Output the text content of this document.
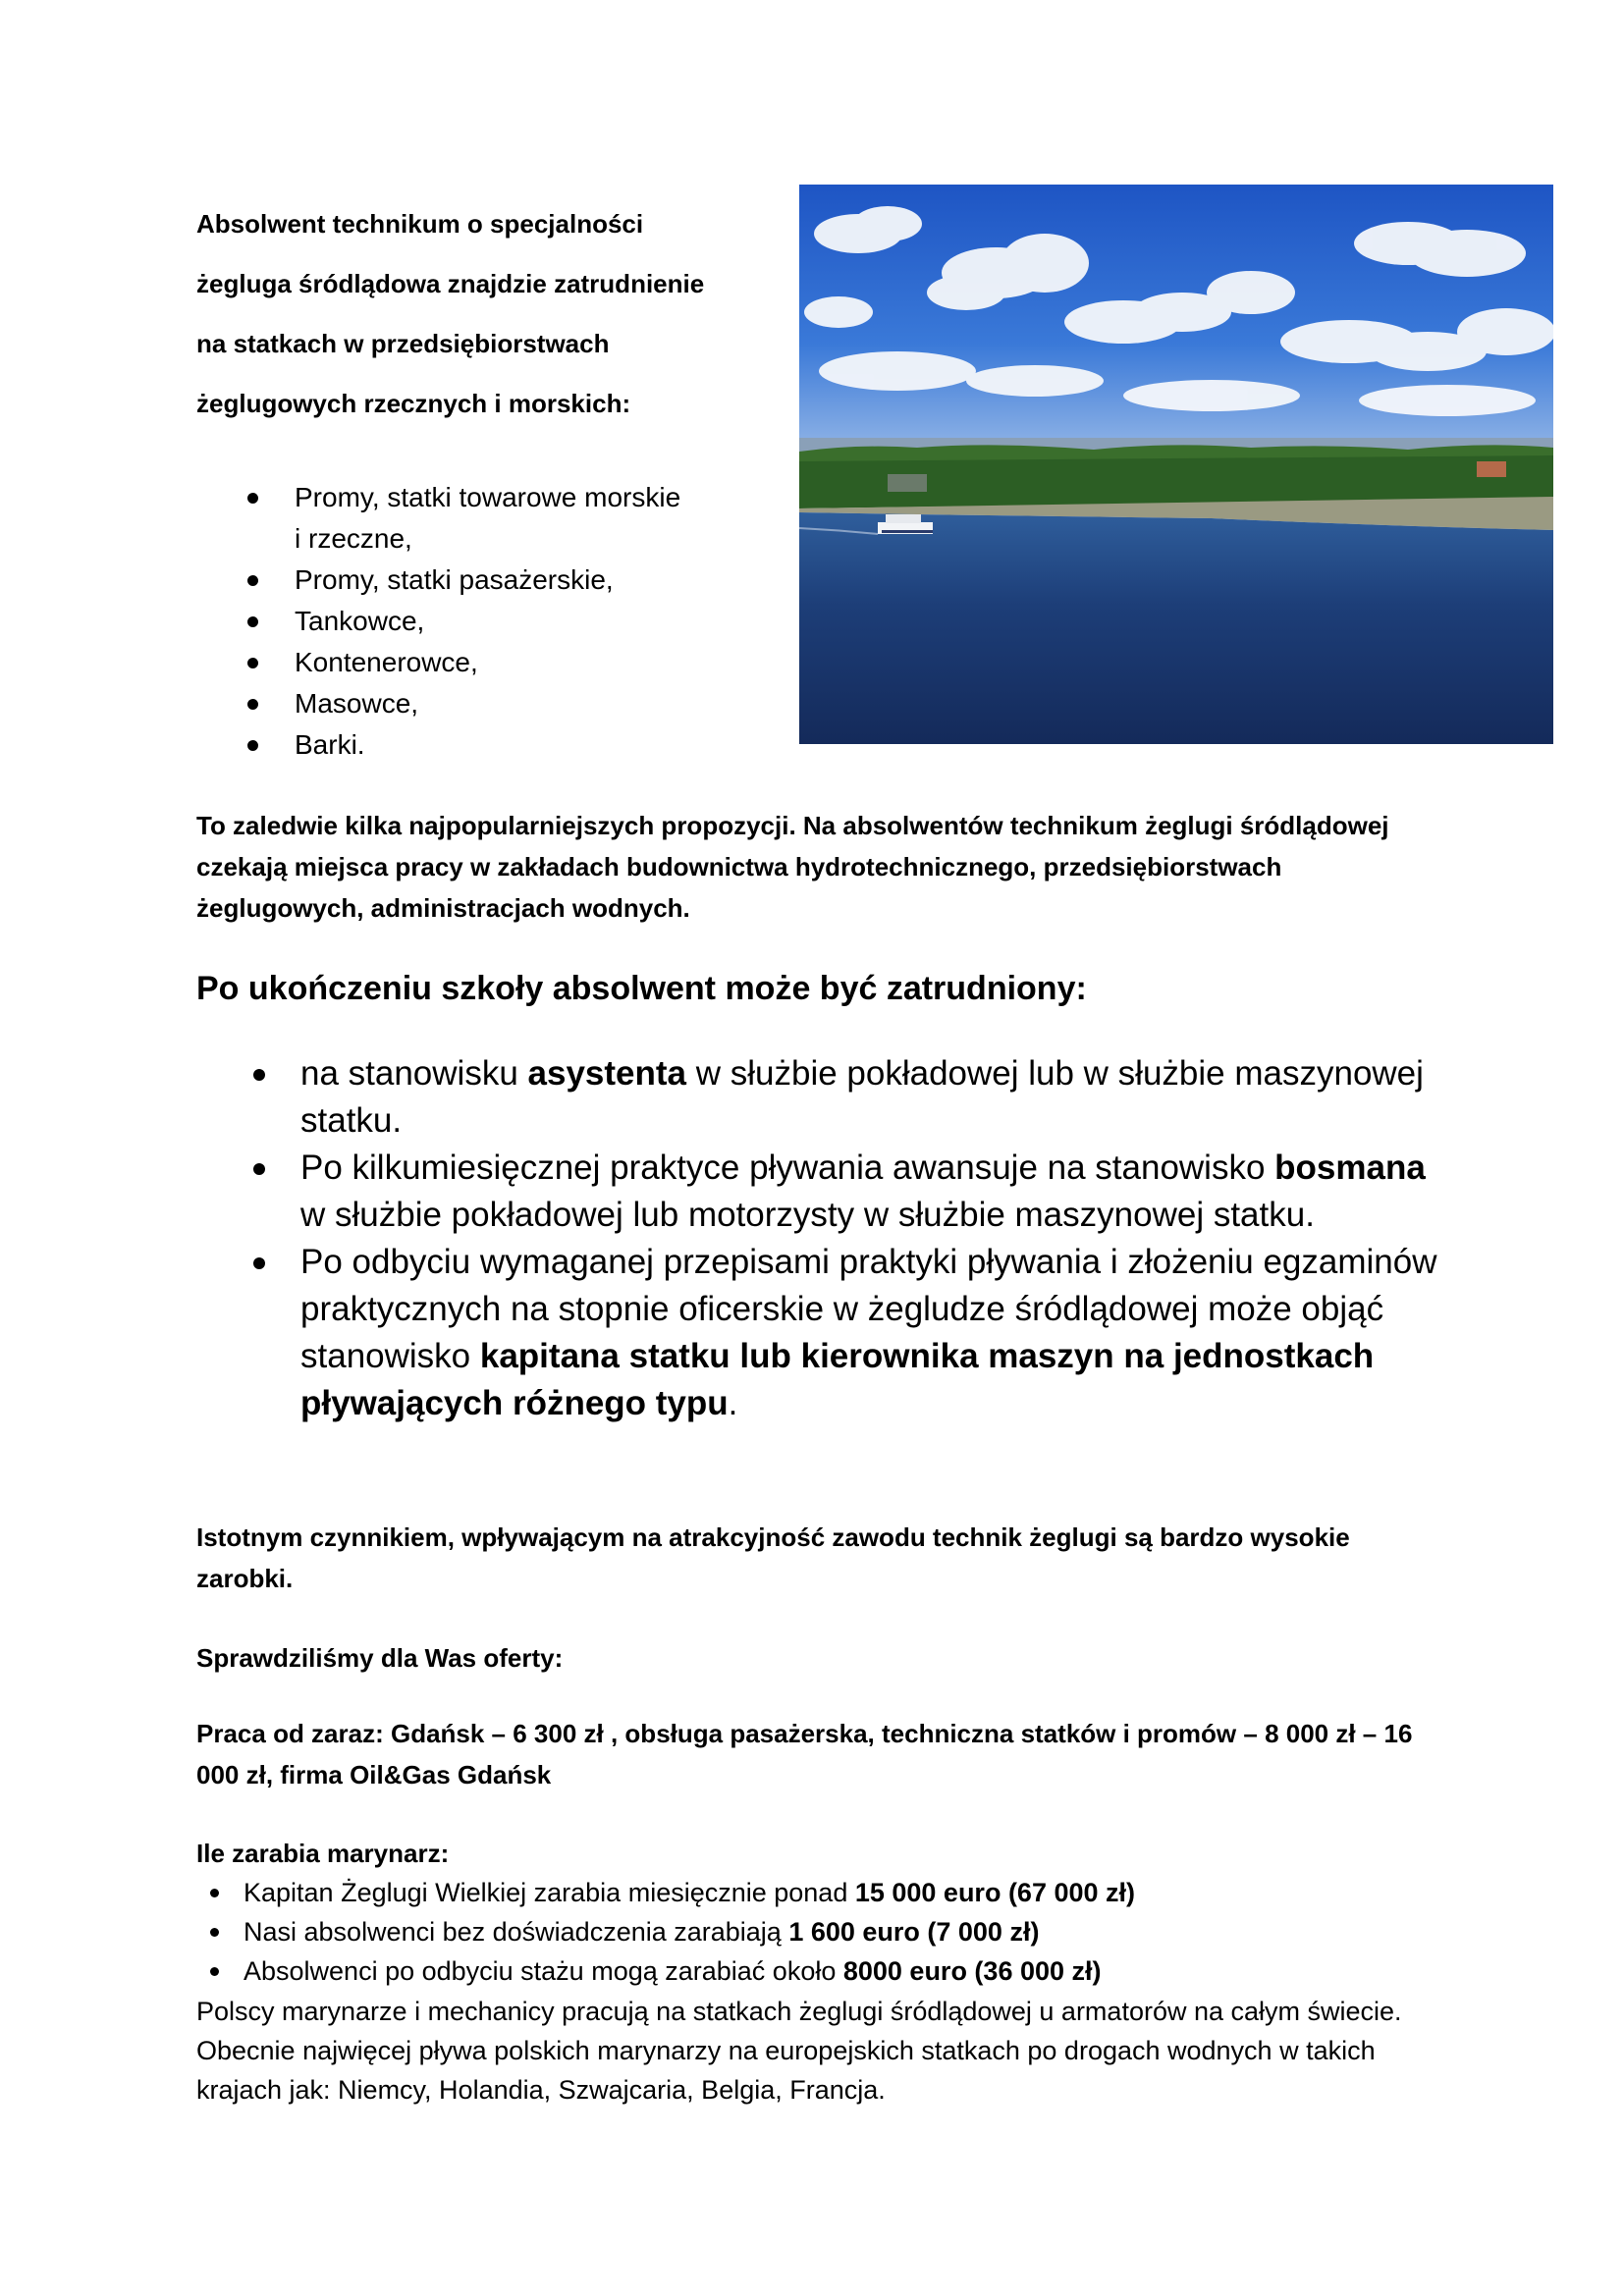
Absolwent technikum o specjalności
żegluga śródlądowa znajdzie zatrudnienie
na statkach w przedsiębiorstwach
żeglugowych rzecznych i morskich:
Promy, statki towarowe morskie
i rzeczne,
Promy, statki pasażerskie,
Tankowce,
Kontenerowce,
Masowce,
Barki.
To zaledwie kilka najpopularniejszych propozycji. Na absolwentów technikum żeglugi śródlądowej czekają miejsca pracy w zakładach budownictwa hydrotechnicznego, przedsiębiorstwach żeglugowych, administracjach wodnych.
Po ukończeniu szkoły absolwent może być zatrudniony:
na stanowisku asystenta w służbie pokładowej lub w służbie maszynowej statku.
Po kilkumiesięcznej praktyce pływania awansuje na stanowisko bosmana w służbie pokładowej lub motorzysty w służbie maszynowej statku.
Po odbyciu wymaganej przepisami praktyki pływania i złożeniu egzaminów praktycznych na stopnie oficerskie w żegludze śródlądowej może objąć stanowisko kapitana statku lub kierownika maszyn na jednostkach pływających różnego typu.
Istotnym czynnikiem, wpływającym na atrakcyjność zawodu technik żeglugi są bardzo wysokie zarobki.
Sprawdziliśmy dla Was oferty:
Praca od zaraz: Gdańsk – 6 300 zł , obsługa pasażerska, techniczna statków i promów – 8 000 zł – 16 000 zł, firma Oil&Gas Gdańsk
Ile zarabia marynarz:
Kapitan Żeglugi Wielkiej zarabia miesięcznie ponad 15 000 euro (67 000 zł)
Nasi absolwenci bez doświadczenia zarabiają 1 600 euro (7 000 zł)
Absolwenci po odbyciu stażu mogą zarabiać około 8000 euro (36 000 zł)
Polscy marynarze i mechanicy pracują na statkach żeglugi śródlądowej u armatorów na całym świecie. Obecnie najwięcej pływa polskich marynarzy na europejskich statkach po drogach wodnych w takich krajach jak: Niemcy, Holandia, Szwajcaria, Belgia, Francja.
